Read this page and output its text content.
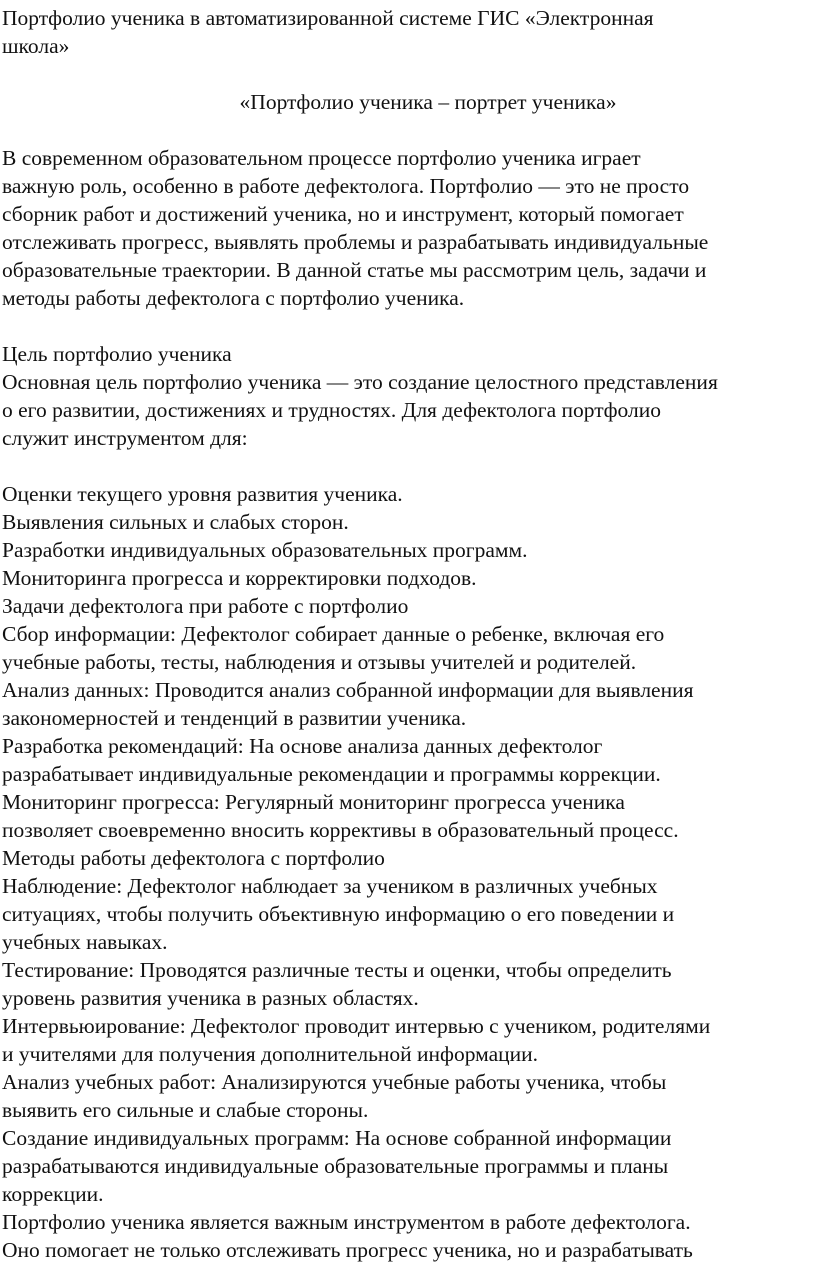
Портфолио ученика в автоматизированной системе ГИС «Электронная
школа»
«Портфолио ученика – портрет ученика»
В современном образовательном процессе портфолио ученика играет
важную роль, особенно в работе дефектолога. Портфолио — это не просто
сборник работ и достижений ученика, но и инструмент, который помогает
отслеживать прогресс, выявлять проблемы и разрабатывать индивидуальные
образовательные траектории. В данной статье мы рассмотрим цель, задачи и
методы работы дефектолога с портфолио ученика.
Цель портфолио ученика
Основная цель портфолио ученика — это создание целостного представления
о его развитии, достижениях и трудностях. Для дефектолога портфолио
служит инструментом для:
Оценки текущего уровня развития ученика.
Выявления сильных и слабых сторон.
Разработки индивидуальных образовательных программ.
Мониторинга прогресса и корректировки подходов.
Задачи дефектолога при работе с портфолио
Сбор информации: Дефектолог собирает данные о ребенке, включая его
учебные работы, тесты, наблюдения и отзывы учителей и родителей.
Анализ данных: Проводится анализ собранной информации для выявления
закономерностей и тенденций в развитии ученика.
Разработка рекомендаций: На основе анализа данных дефектолог
разрабатывает индивидуальные рекомендации и программы коррекции.
Мониторинг прогресса: Регулярный мониторинг прогресса ученика
позволяет своевременно вносить коррективы в образовательный процесс.
Методы работы дефектолога с портфолио
Наблюдение: Дефектолог наблюдает за учеником в различных учебных
ситуациях, чтобы получить объективную информацию о его поведении и
учебных навыках.
Тестирование: Проводятся различные тесты и оценки, чтобы определить
уровень развития ученика в разных областях.
Интервьюирование: Дефектолог проводит интервью с учеником, родителями
и учителями для получения дополнительной информации.
Анализ учебных работ: Анализируются учебные работы ученика, чтобы
выявить его сильные и слабые стороны.
Создание индивидуальных программ: На основе собранной информации
разрабатываются индивидуальные образовательные программы и планы
коррекции.
Портфолио ученика является важным инструментом в работе дефектолога.
Оно помогает не только отслеживать прогресс ученика, но и разрабатывать
